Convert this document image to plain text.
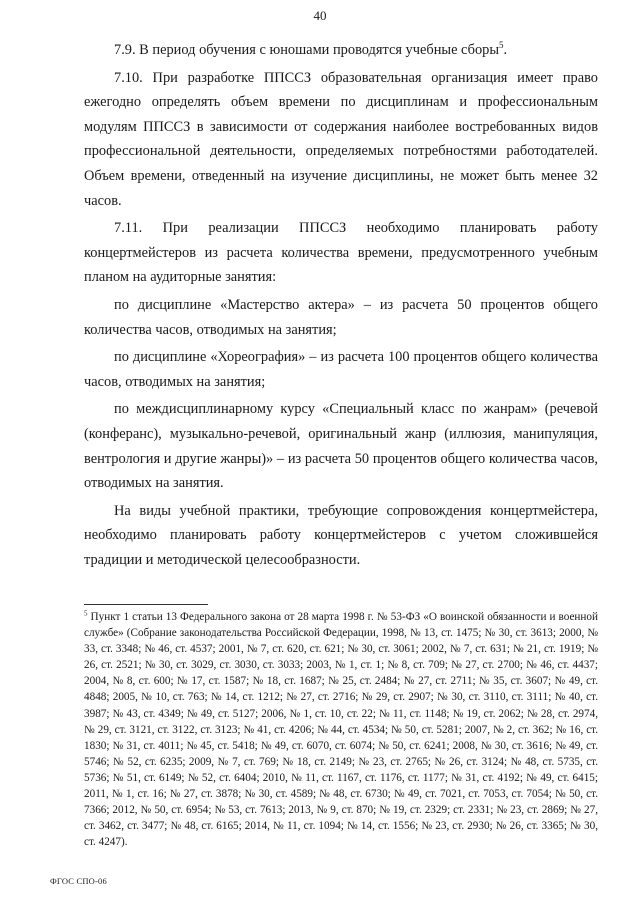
40

7.9. В период обучения с юношами проводятся учебные сборы$^5$.

7.10. При разработке ППССЗ образовательная организация имеет право ежегодно определять объем времени по дисциплинам и профессиональным модулям ППССЗ в зависимости от содержания наиболее востребованных видов профессиональной деятельности, определяемых потребностями работодателей. Объем времени, отведенный на изучение дисциплины, не может быть менее 32 часов.

7.11. При реализации ППССЗ необходимо планировать работу концертмейстеров из расчета количества времени, предусмотренного учебным планом на аудиторные занятия:

по дисциплине «Мастерство актера» – из расчета 50 процентов общего количества часов, отводимых на занятия;

по дисциплине «Хореография» – из расчета 100 процентов общего количества часов, отводимых на занятия;

по междисциплинарному курсу «Специальный класс по жанрам» (речевой (конферанс), музыкально-речевой, оригинальный жанр (иллюзия, манипуляция, вентрология и другие жанры)» – из расчета 50 процентов общего количества часов, отводимых на занятия.

На виды учебной практики, требующие сопровождения концертмейстера, необходимо планировать работу концертмейстеров с учетом сложившейся традиции и методической целесообразности.

$^5$ Пункт 1 статьи 13 Федерального закона от 28 марта 1998 г. № 53-ФЗ «О воинской обязанности и военной службе» (Собрание законодательства Российской Федерации, 1998, № 13, ст. 1475; № 30, ст. 3613; 2000, № 33, ст. 3348; № 46, ст. 4537; 2001, № 7, ст. 620, ст. 621; № 30, ст. 3061; 2002, № 7, ст. 631; № 21, ст. 1919; № 26, ст. 2521; № 30, ст. 3029, ст. 3030, ст. 3033; 2003, № 1, ст. 1; № 8, ст. 709; № 27, ст. 2700; № 46, ст. 4437; 2004, № 8, ст. 600; № 17, ст. 1587; № 18, ст. 1687; № 25, ст. 2484; № 27, ст. 2711; № 35, ст. 3607; № 49, ст. 4848; 2005, № 10, ст. 763; № 14, ст. 1212; № 27, ст. 2716; № 29, ст. 2907; № 30, ст. 3110, ст. 3111; № 40, ст. 3987; № 43, ст. 4349; № 49, ст. 5127; 2006, № 1, ст. 10, ст. 22; № 11, ст. 1148; № 19, ст. 2062; № 28, ст. 2974, № 29, ст. 3121, ст. 3122, ст. 3123; № 41, ст. 4206; № 44, ст. 4534; № 50, ст. 5281; 2007, № 2, ст. 362; № 16, ст. 1830; № 31, ст. 4011; № 45, ст. 5418; № 49, ст. 6070, ст. 6074; № 50, ст. 6241; 2008, № 30, ст. 3616; № 49, ст. 5746; № 52, ст. 6235; 2009, № 7, ст. 769; № 18, ст. 2149; № 23, ст. 2765; № 26, ст. 3124; № 48, ст. 5735, ст. 5736; № 51, ст. 6149; № 52, ст. 6404; 2010, № 11, ст. 1167, ст. 1176, ст. 1177; № 31, ст. 4192; № 49, ст. 6415; 2011, № 1, ст. 16; № 27, ст. 3878; № 30, ст. 4589; № 48, ст. 6730; № 49, ст. 7021, ст. 7053, ст. 7054; № 50, ст. 7366; 2012, № 50, ст. 6954; № 53, ст. 7613; 2013, № 9, ст. 870; № 19, ст. 2329; ст. 2331; № 23, ст. 2869; № 27, ст. 3462, ст. 3477; № 48, ст. 6165; 2014, № 11, ст. 1094; № 14, ст. 1556; № 23, ст. 2930; № 26, ст. 3365; № 30, ст. 4247).
ФГОС СПО-06
